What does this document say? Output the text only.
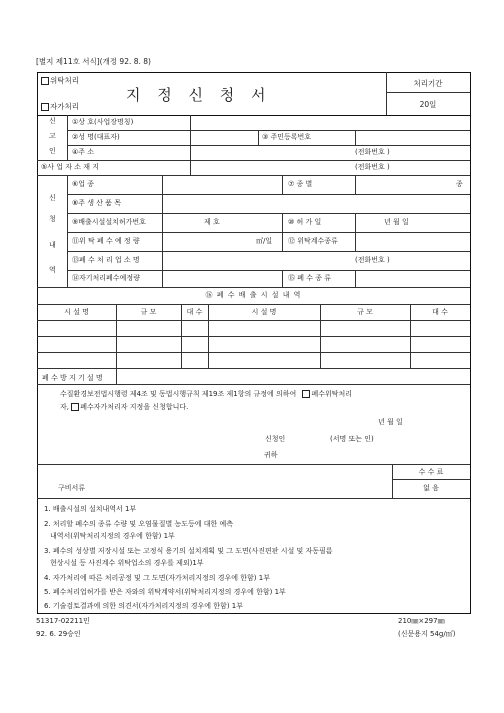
[별지 제11호 서식](개정 92. 8. 8)
위탁처리
자가처리
지 정 신 청 서
처리기간
20일
신
고
인
①상 호(사업장명칭)
②성 명(대표자)	③ 주민등록번호
④주 소	(전화번호 )
⑤사 업 자 소 재 지	(전화번호 )
신
청
내
역
⑥업 종	⑦ 종 별	종
⑧주 생 산 품 목
⑨배출시설설치허가번호	제 호	⑩ 허 가 일	년 월 일
⑪위 탁 폐 수 예 정 량	㎥/일 ⑫ 위탁계수종류
⑬폐 수 처 리 업 소 명	(전화번호 )
⑭자기처리폐수예정량	⑮ 폐 수 종 류
⑯ 폐 수 배 출 시 설 내 역
시 설 명	규 모	대 수	시 설 명	규 모	대 수
폐 수 방 지 기 설 명
수질환경보전법시행령 제4조 및 동법시행규칙 제19조 제1항의 규정에 의하여 폐수위탁처리
자, 폐수자가처리자 지정을 신청합니다.
년 월 일
신청인	(서명 또는 인)
귀하
구비서류
수 수 료
없 음
1. 배출시설의 설치내역서 1부
2. 처리할 폐수의 종류 수량 및 오염물질별 농도등에 대한 예측
내역서(위탁처리지정의 경우에 한함) 1부
3. 폐수의 성상별 저장시설 또는 고정식 용기의 설치계획 및 그 도면(사진편판 시설 및 자동필름
현상시설 등 사진계수 위탁업소의 경우를 제외)1부
4. 자가처리에 따른 처리공정 및 그 도면(자가처리지정의 경우에 한함) 1부
5. 폐수처리업허가를 받은 자와의 위탁계약서(위탁처리지정의 경우에 한함) 1부
6. 기술검토결과에 의한 의견서(자가처리지정의 경우에 한함) 1부
51317-02211민
92. 6. 29승인
210㎜×297㎜
(신문용지 54g/㎡)
